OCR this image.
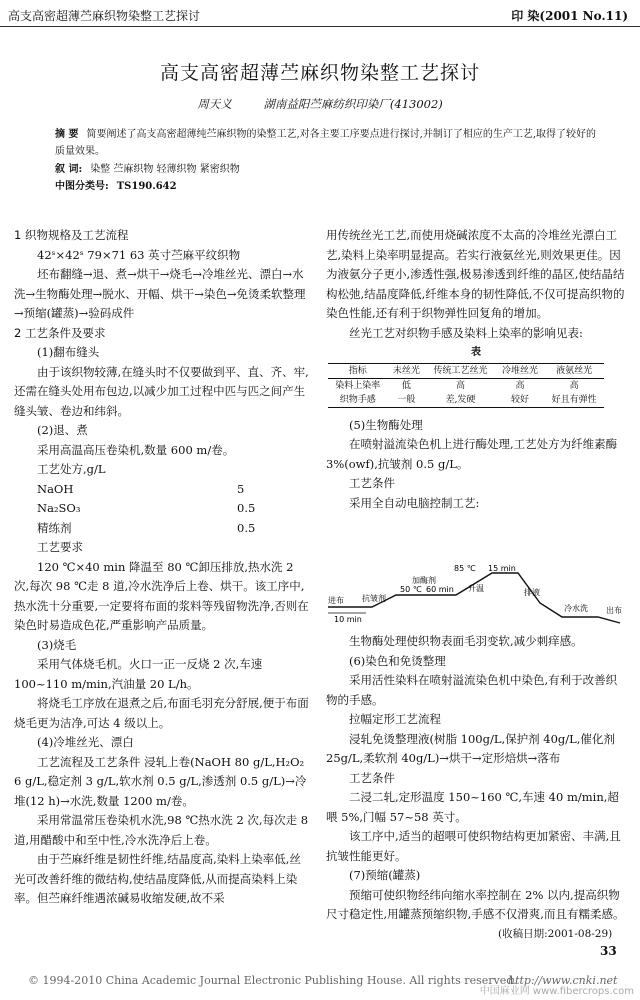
高支高密超薄苎麻织物染整工艺探讨	印 染(2001 No.11)
高支高密超薄苎麻织物染整工艺探讨
周天义	湖南益阳苎麻纺织印染厂(413002)
摘 要 简要阐述了高支高密超薄纯苎麻织物的染整工艺,对各主要工序要点进行探讨,并制订了相应的生产工艺,取得了较好的质量效果。
叙 词: 染整 苎麻织物 轻薄织物 紧密织物
中图分类号: TS190.642

1 织物规格及工艺流程

42ˢ×42ˢ 79×71 63 英寸苎麻平纹织物

坯布翻缝→退、煮→烘干→烧毛→冷堆丝光、漂白→水洗→生物酶处理→脱水、开幅、烘干→染色→免烫柔软整理→预缩(罐蒸)→验码成件

2 工艺条件及要求

(1)翻布缝头

由于该织物较薄,在缝头时不仅要做到平、直、齐、牢,还需在缝头处用布包边,以减少加工过程中匹与匹之间产生缝头皱、卷边和纬斜。

(2)退、煮

采用高温高压卷染机,数量 600 m/卷。

工艺处方,g/L

NaOH	5
Na₂SO₃	0.5
精练剂	0.5

工艺要求

120 ℃×40 min 降温至 80 ℃卸压排放,热水洗 2 次,每次 98 ℃走 8 道,冷水洗净后上卷、烘干。该工序中,热水洗十分重要,一定要将布面的浆料等残留物洗净,否则在染色时易造成色花,严重影响产品质量。

(3)烧毛

采用气体烧毛机。火口一正一反烧 2 次,车速 100~110 m/min,汽油量 20 L/h。

将烧毛工序放在退煮之后,布面毛羽充分舒展,便于布面烧毛更为洁净,可达 4 级以上。

(4)冷堆丝光、漂白

工艺流程及工艺条件 浸轧上卷(NaOH 80 g/L,H₂O₂ 6 g/L,稳定剂 3 g/L,软水剂 0.5 g/L,渗透剂 0.5 g/L)→冷堆(12 h)→水洗,数量 1200 m/卷。

采用常温常压卷染机水洗,98 ℃热水洗 2 次,每次走 8 道,用醋酸中和至中性,冷水洗净后上卷。

由于苎麻纤维是韧性纤维,结晶度高,染料上染率低,丝光可改善纤维的微结构,使结晶度降低,从而提高染料上染率。但苎麻纤维遇浓碱易收缩发硬,故不采

用传统丝光工艺,而使用烧碱浓度不太高的冷堆丝光漂白工艺,染料上染率明显提高。若实行液氨丝光,则效果更佳。因为液氨分子更小,渗透性强,极易渗透到纤维的晶区,使结晶结构松弛,结晶度降低,纤维本身的韧性降低,不仅可提高织物的染色性能,还有利于织物弹性回复角的增加。

丝光工艺对织物手感及染料上染率的影响见表:

表
指标	未丝光	传统工艺丝光	冷堆丝光	液氨丝光
染料上染率	低	高	高	高
织物手感	一般	差,发硬	较好	好且有弹性

(5)生物酶处理

在喷射溢流染色机上进行酶处理,工艺处方为纤维素酶 3%(owf),抗皱剂 0.5 g/L。

工艺条件

采用全自动电脑控制工艺:

加酶剂
50 ℃ 60 min
85 ℃ 15 min
进布 抗皱剂
10 min
升温	排液
冷水洗 出布

生物酶处理使织物表面毛羽变软,减少刺痒感。

(6)染色和免烫整理

采用活性染料在喷射溢流染色机中染色,有利于改善织物的手感。

拉幅定形工艺流程

浸轧免烫整理液(树脂 100g/L,保护剂 40g/L,催化剂 25g/L,柔软剂 40g/L)→烘干→定形焙烘→落布

工艺条件

二浸二轧,定形温度 150~160 ℃,车速 40 m/min,超喂 5%,门幅 57~58 英寸。

该工序中,适当的超喂可使织物结构更加紧密、丰满,且抗皱性能更好。

(7)预缩(罐蒸)

预缩可使织物经纬向缩水率控制在 2% 以内,提高织物尺寸稳定性,用罐蒸预缩织物,手感不仅滑爽,而且有糯柔感。

(收稿日期:2001-08-29)
33
© 1994-2010 China Academic Journal Electronic Publishing House. All rights reserved.
http://www.cnki.net
中国麻业网 www.fibercrops.com
